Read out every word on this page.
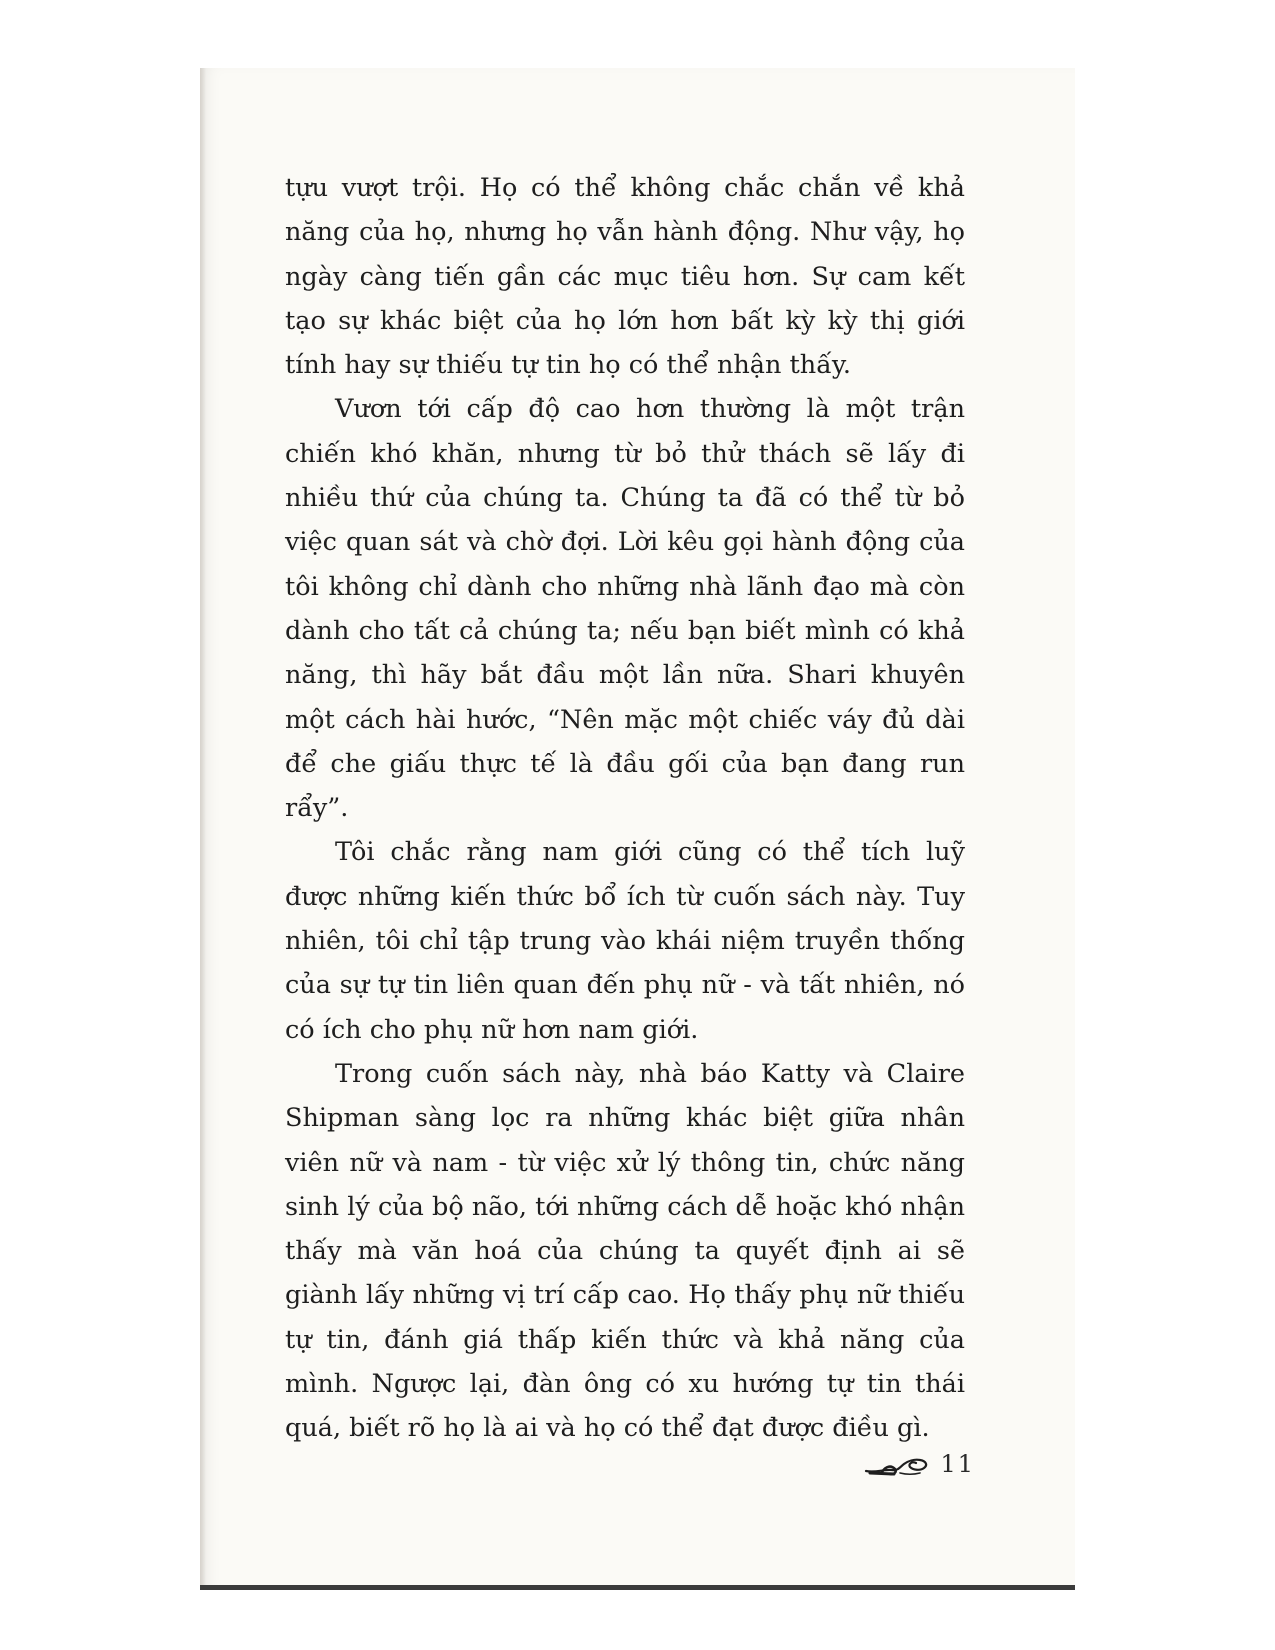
tựu vượt trội. Họ có thể không chắc chắn về khả năng của họ, nhưng họ vẫn hành động. Như vậy, họ ngày càng tiến gần các mục tiêu hơn. Sự cam kết tạo sự khác biệt của họ lớn hơn bất kỳ kỳ thị giới tính hay sự thiếu tự tin họ có thể nhận thấy.

Vươn tới cấp độ cao hơn thường là một trận chiến khó khăn, nhưng từ bỏ thử thách sẽ lấy đi nhiều thứ của chúng ta. Chúng ta đã có thể từ bỏ việc quan sát và chờ đợi. Lời kêu gọi hành động của tôi không chỉ dành cho những nhà lãnh đạo mà còn dành cho tất cả chúng ta; nếu bạn biết mình có khả năng, thì hãy bắt đầu một lần nữa. Shari khuyên một cách hài hước, “Nên mặc một chiếc váy đủ dài để che giấu thực tế là đầu gối của bạn đang run rẩy”.

Tôi chắc rằng nam giới cũng có thể tích luỹ được những kiến thức bổ ích từ cuốn sách này. Tuy nhiên, tôi chỉ tập trung vào khái niệm truyền thống của sự tự tin liên quan đến phụ nữ - và tất nhiên, nó có ích cho phụ nữ hơn nam giới.

Trong cuốn sách này, nhà báo Katty và Claire Shipman sàng lọc ra những khác biệt giữa nhân viên nữ và nam - từ việc xử lý thông tin, chức năng sinh lý của bộ não, tới những cách dễ hoặc khó nhận thấy mà văn hoá của chúng ta quyết định ai sẽ giành lấy những vị trí cấp cao. Họ thấy phụ nữ thiếu tự tin, đánh giá thấp kiến thức và khả năng của mình. Ngược lại, đàn ông có xu hướng tự tin thái quá, biết rõ họ là ai và họ có thể đạt được điều gì.

11
